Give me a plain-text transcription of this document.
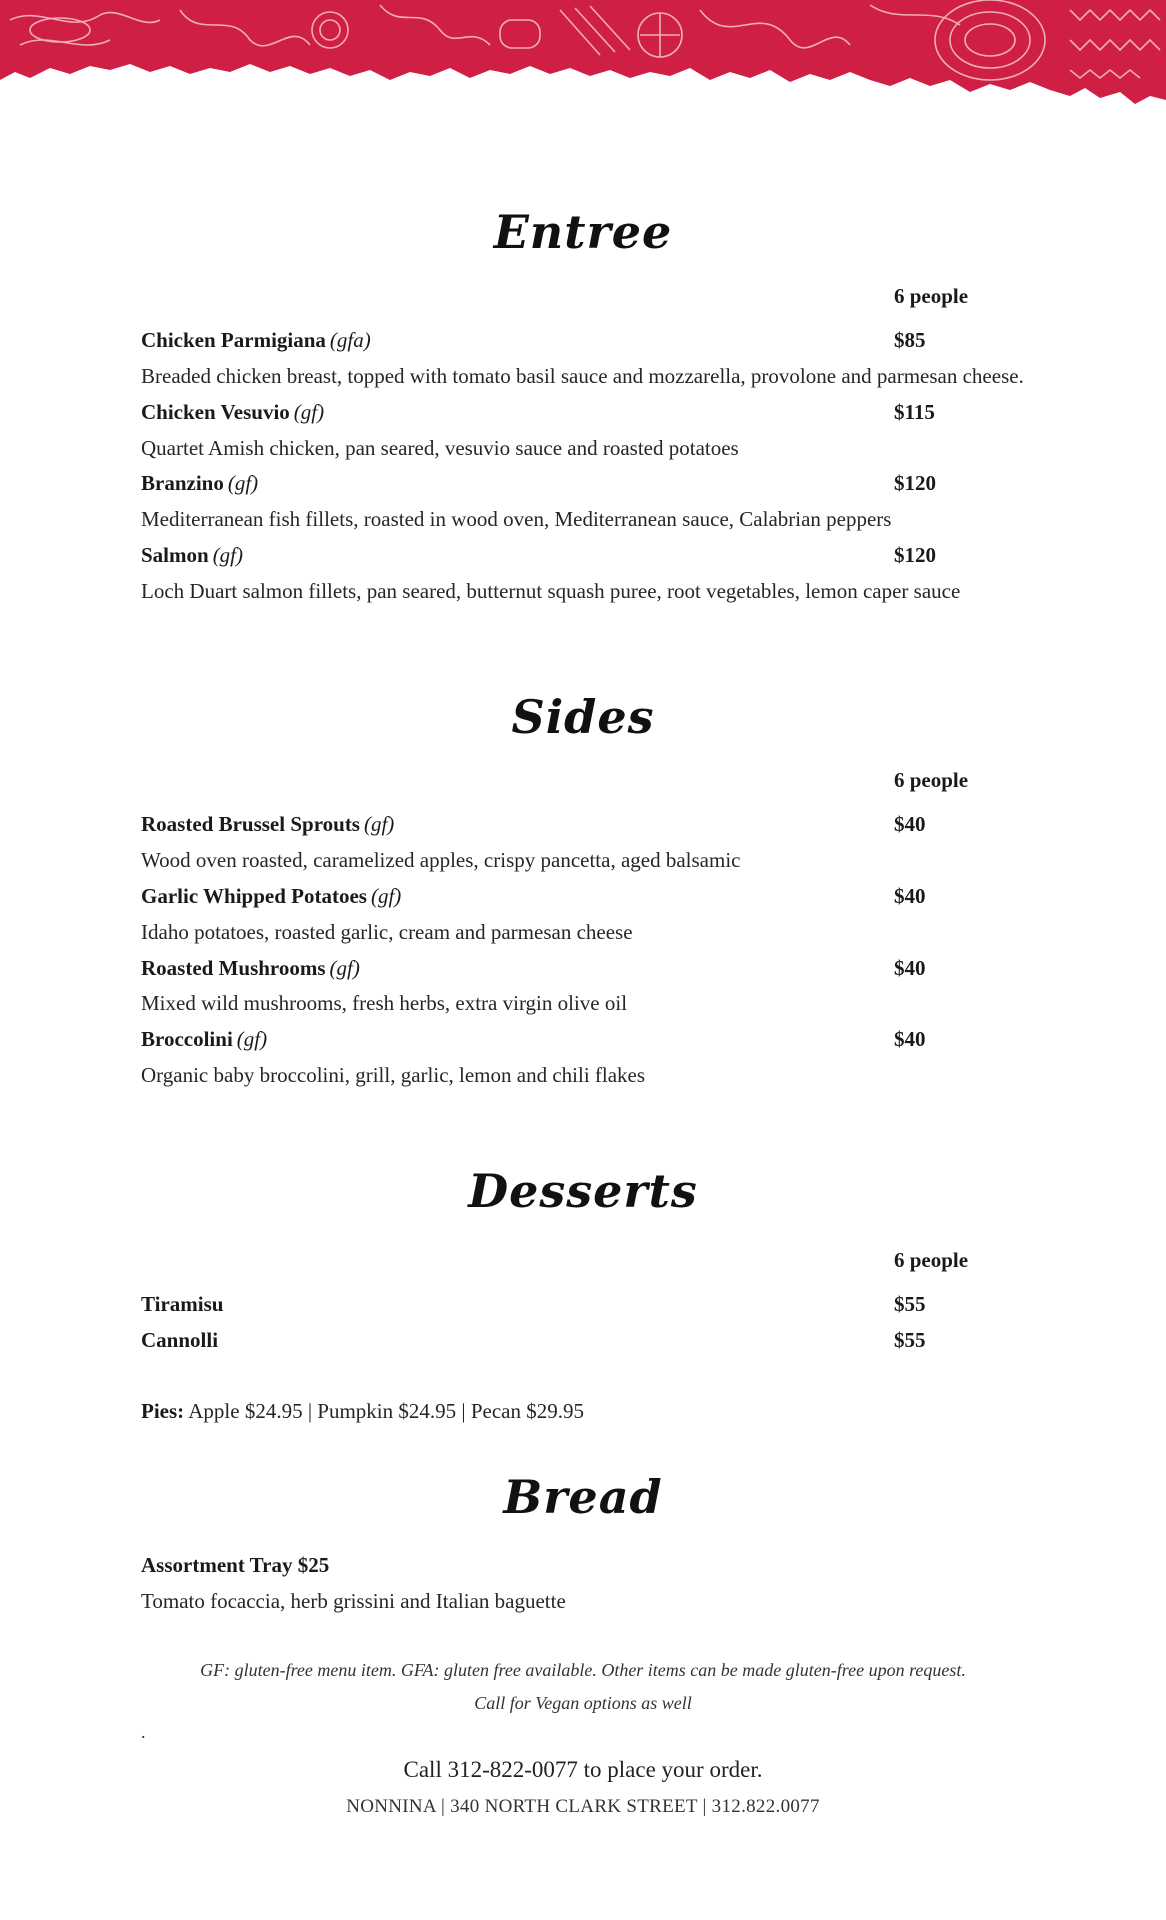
Entree
6 people
Chicken Parmigiana (gfa)	$85
Breaded chicken breast, topped with tomato basil sauce and mozzarella, provolone and parmesan cheese.
Chicken Vesuvio (gf)	$115
Quartet Amish chicken, pan seared, vesuvio sauce and roasted potatoes
Branzino (gf)	$120
Mediterranean fish fillets, roasted in wood oven, Mediterranean sauce, Calabrian peppers
Salmon (gf)	$120
Loch Duart salmon fillets, pan seared, butternut squash puree, root vegetables, lemon caper sauce
Sides
6 people
Roasted Brussel Sprouts (gf)	$40
Wood oven roasted, caramelized apples, crispy pancetta, aged balsamic
Garlic Whipped Potatoes (gf)	$40
Idaho potatoes, roasted garlic, cream and parmesan cheese
Roasted Mushrooms (gf)	$40
Mixed wild mushrooms, fresh herbs, extra virgin olive oil
Broccolini (gf)	$40
Organic baby broccolini, grill, garlic, lemon and chili flakes
Desserts
6 people
Tiramisu	$55
Cannolli	$55
Pies: Apple $24.95 | Pumpkin $24.95 | Pecan $29.95
Bread
Assortment Tray $25
Tomato focaccia, herb grissini and Italian baguette
GF: gluten-free menu item. GFA: gluten free available. Other items can be made gluten-free upon request.
Call for Vegan options as well
.
Call 312-822-0077 to place your order.
NONNINA | 340 NORTH CLARK STREET | 312.822.0077
